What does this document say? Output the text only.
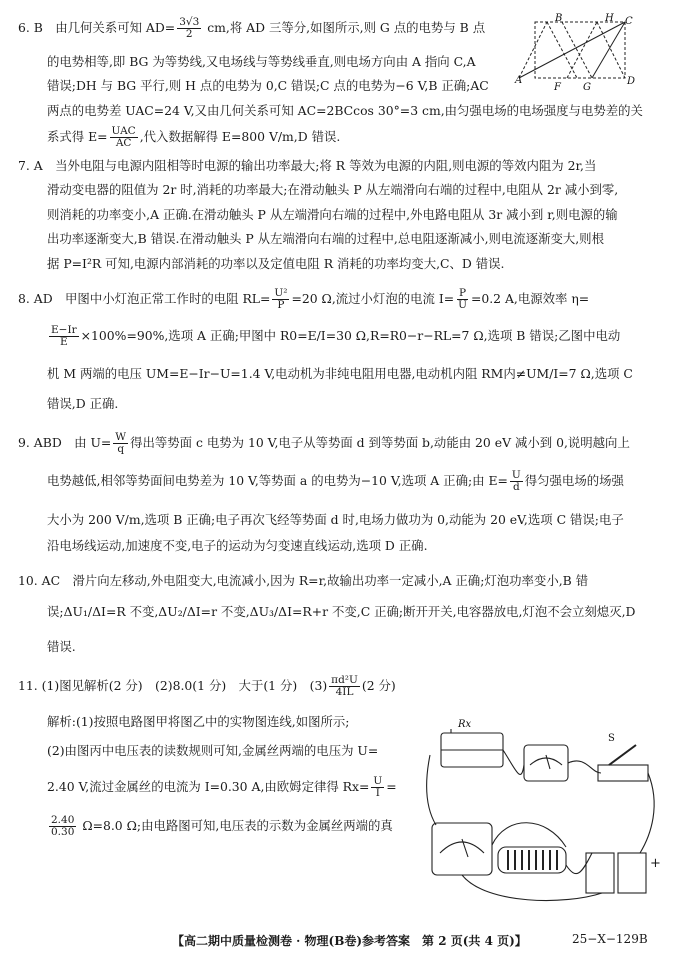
6. B　由几何关系可知 $AD= \frac{3√3}{2}$ cm,将 AD 三等分,如图所示,则 G 点的电势与 B 点
的电势相等,即 BG 为等势线,又电场线与等势线垂直,则电场方向由 A 指向 C,A
错误;DH 与 BG 平行,则 H 点的电势为 0,C 错误;C 点的电势为−6 V,B 正确;AC
两点的电势差 UAC=24 V,又由几何关系可知 AC=2BCcos 30°=3 cm,由匀强电场的电场强度与电势差的关
系式得 $E= \frac{\text{UAC}}{AC}$ ,代入数据解得 E=800 V/m,D 错误.
B	H C
A
F G
D
7. A　当外电阻与电源内阻相等时电源的输出功率最大;将 R 等效为电源的内阻,则电源的等效内阻为 2r,当
滑动变电器的阻值为 2r 时,消耗的功率最大;在滑动触头 P 从左端滑向右端的过程中,电阻从 2r 减小到零,
则消耗的功率变小,A 正确.在滑动触头 P 从左端滑向右端的过程中,外电路电阻从 3r 减小到 r,则电源的输
出功率逐渐变大,B 错误.在滑动触头 P 从左端滑向右端的过程中,总电阻逐渐减小,则电流逐渐变大,则根
据 P=I²R 可知,电源内部消耗的功率以及定值电阻 R 消耗的功率均变大,C、D 错误.
8. AD　甲图中小灯泡正常工作时的电阻 $RL= \frac{\text{U²}}{P} =20$ Ω,流过小灯泡的电流 $I= \frac{P}{U} =0.2$ A,电源效率 η=
$\frac{E-Ir}{E} \times 100\%=90\%$,选项 A 正确;甲图中 R0=E/I=30 Ω,R=R0−r−RL=7 Ω,选项 B 错误;乙图中电动
机 M 两端的电压 UM=E−Ir−U=1.4 V,电动机为非纯电阻用电器,电动机内阻 RM内≠UM/I=7 Ω,选项 C
错误,D 正确.
9. ABD　由 $U= \frac{W}{q}$ 得出等势面 c 电势为 10 V,电子从等势面 d 到等势面 b,动能由 20 eV 减小到 0,说明越向上
电势越低,相邻等势面间电势差为 10 V,等势面 a 的电势为−10 V,选项 A 正确;由 $E= \frac{U}{d}$ 得匀强电场的场强
大小为 200 V/m,选项 B 正确;电子再次飞经等势面 d 时,电场力做功为 0,动能为 20 eV,选项 C 错误;电子
沿电场线运动,加速度不变,电子的运动为匀变速直线运动,选项 D 正确.
10. AC　滑片向左移动,外电阻变大,电流减小,因为 R=r,故输出功率一定减小,A 正确;灯泡功率变小,B 错
误;ΔU₁/ΔI=R 不变,ΔU₂/ΔI=r 不变,ΔU₃/ΔI=R+r 不变,C 正确;断开开关,电容器放电,灯泡不会立刻熄灭,D
错误.
11. (1)图见解析(2 分)　(2)8.0(1 分)　大于(1 分)　$(3) \frac{\text{πd²U}}{4IL} (2$ 分)
解析:(1)按照电路图甲将图乙中的实物图连线,如图所示;
(2)由图丙中电压表的读数规则可知,金属丝两端的电压为 U=
2.40 V,流过金属丝的电流为 I=0.30 A,由欧姆定律得 $Rx= \frac{U}{I}$ =
$\frac{2.40}{0.30} \Omega=8.0$ Ω;由电路图可知,电压表的示数为金属丝两端的真
Rx
S
+
【高二期中质量检测卷 · 物理(B卷)参考答案　第 2 页(共 4 页)】	25−X−129B
